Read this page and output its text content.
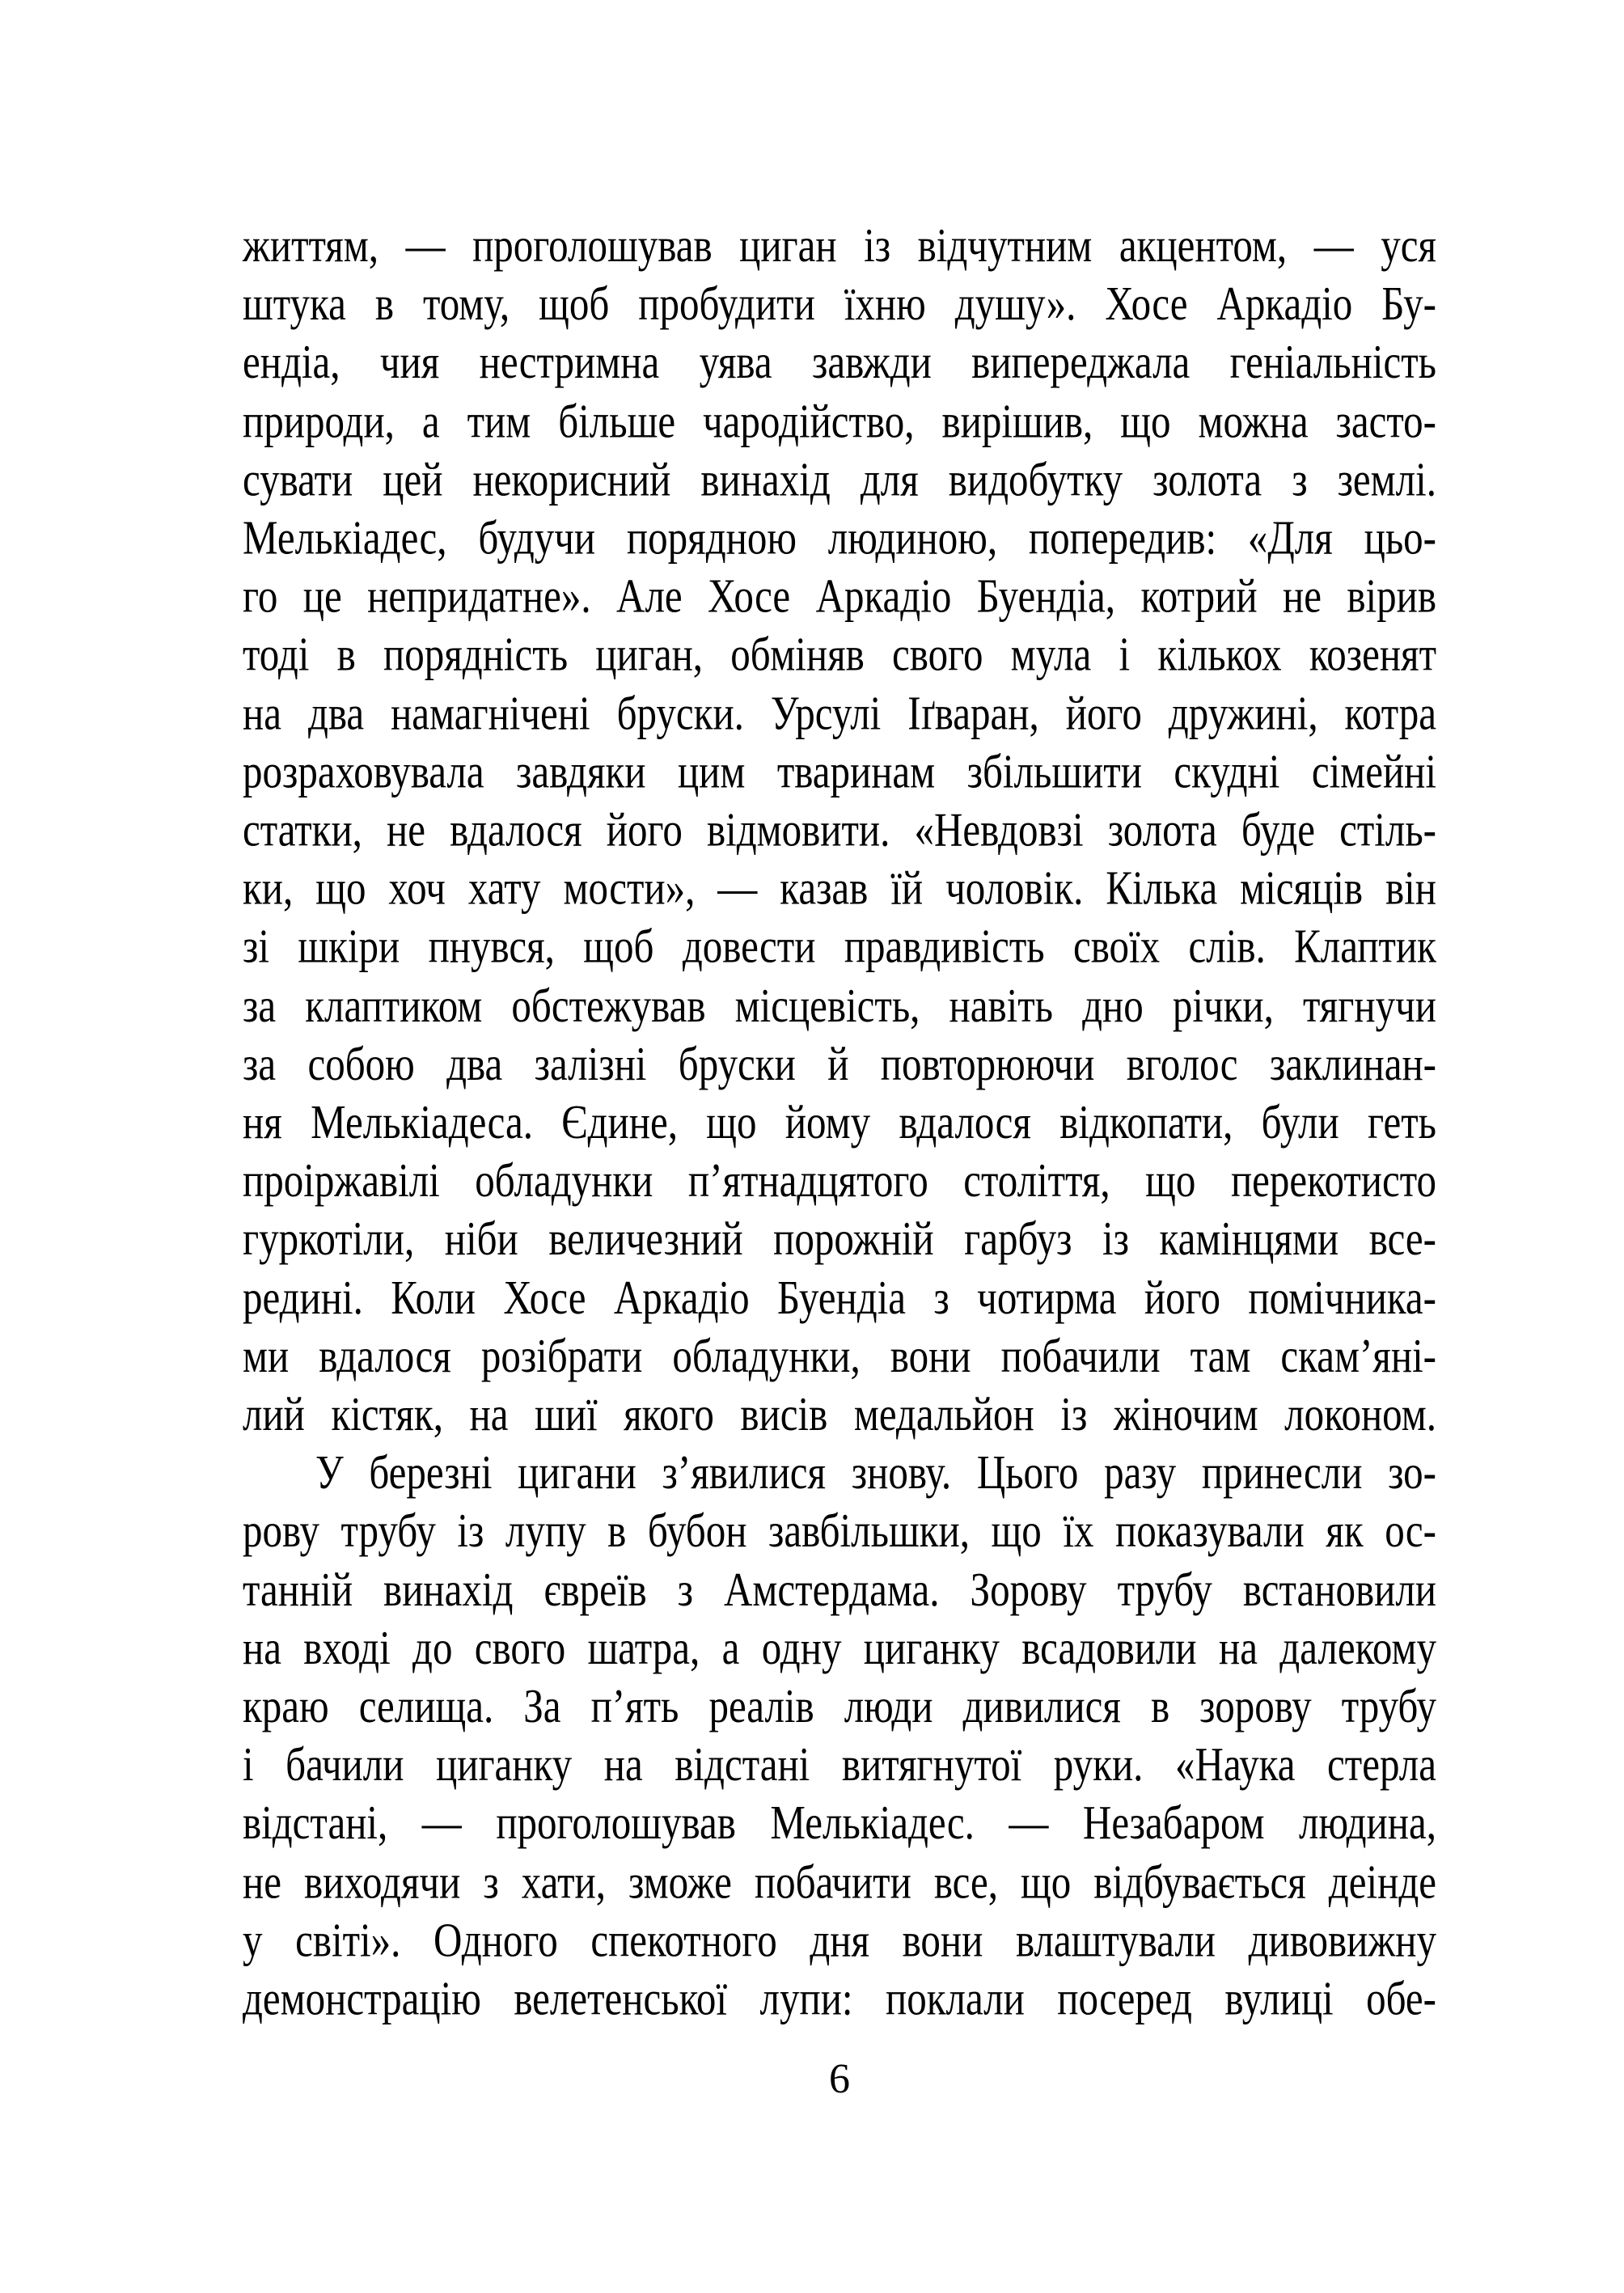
життям, — проголошував циган із відчутним акцентом, — уся
штука в тому, щоб пробудити їхню душу». Хосе Аркадіо Бу-
ендіа, чия нестримна уява завжди випереджала геніальність
природи, а тим більше чародійство, вирішив, що можна засто-
сувати цей некорисний винахід для видобутку золота з землі.
Мелькіадес, будучи порядною людиною, попередив: «Для цьо-
го це непридатне». Але Хосе Аркадіо Буендіа, котрий не вірив
тоді в порядність циган, обміняв свого мула і кількох козенят
на два намагнічені бруски. Урсулі Іґваран, його дружині, котра
розраховувала завдяки цим тваринам збільшити скудні сімейні
статки, не вдалося його відмовити. «Невдовзі золота буде стіль-
ки, що хоч хату мости», — казав їй чоловік. Кілька місяців він
зі шкіри пнувся, щоб довести правдивість своїх слів. Клаптик
за клаптиком обстежував місцевість, навіть дно річки, тягнучи
за собою два залізні бруски й повторюючи вголос заклинан-
ня Мелькіадеса. Єдине, що йому вдалося відкопати, були геть
проіржавілі обладунки п’ятнадцятого століття, що перекотисто
гуркотіли, ніби величезний порожній гарбуз із камінцями все-
редині. Коли Хосе Аркадіо Буендіа з чотирма його помічника-
ми вдалося розібрати обладунки, вони побачили там скам’яні-
лий кістяк, на шиї якого висів медальйон із жіночим локоном.
У березні цигани з’явилися знову. Цього разу принесли зо-
рову трубу із лупу в бубон завбільшки, що їх показували як ос-
танній винахід євреїв з Амстердама. Зорову трубу встановили
на вході до свого шатра, а одну циганку всадовили на далекому
краю селища. За п’ять реалів люди дивилися в зорову трубу
і бачили циганку на відстані витягнутої руки. «Наука стерла
відстані, — проголошував Мелькіадес. — Незабаром людина,
не виходячи з хати, зможе побачити все, що відбувається деінде
у світі». Одного спекотного дня вони влаштували дивовижну
демонстрацію велетенської лупи: поклали посеред вулиці обе-
6
